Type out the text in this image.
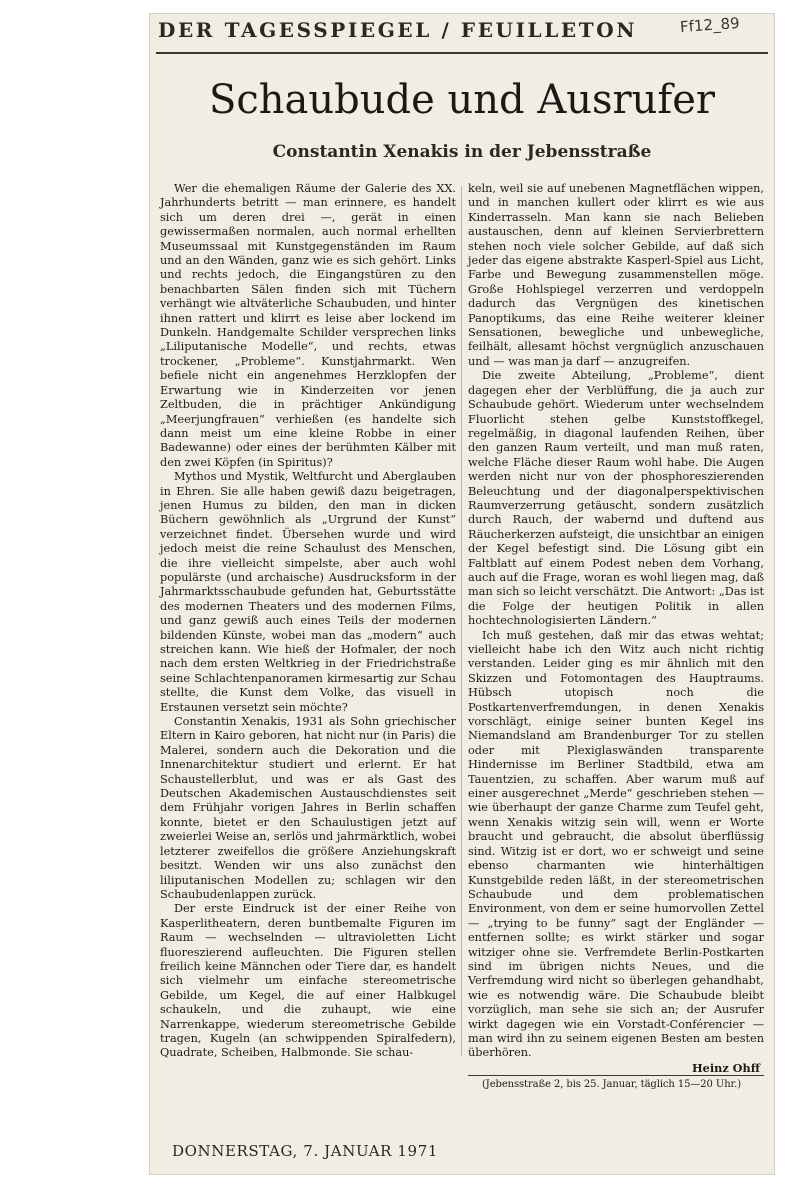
DER TAGESSPIEGEL / FEUILLETON	Ff12_89
Schaubude und Ausrufer
Constantin Xenakis in der Jebensstraße

Wer die ehemaligen Räume der Galerie des XX. Jahrhunderts betritt — man erinnere, es handelt sich um deren drei —, gerät in einen gewissermaßen normalen, auch normal erhellten Museumssaal mit Kunstgegenständen im Raum und an den Wänden, ganz wie es sich gehört. Links und rechts jedoch, die Eingangstüren zu den benachbarten Sälen finden sich mit Tüchern verhängt wie altväterliche Schaubuden, und hinter ihnen rattert und klirrt es leise aber lockend im Dunkeln. Handgemalte Schilder versprechen links „Liliputanische Modelle“, und rechts, etwas trockener, „Probleme“. Kunstjahrmarkt. Wen befiele nicht ein angenehmes Herzklopfen der Erwartung wie in Kinderzeiten vor jenen Zeltbuden, die in prächtiger Ankündigung „Meerjungfrauen“ verhießen (es handelte sich dann meist um eine kleine Robbe in einer Badewanne) oder eines der berühmten Kälber mit den zwei Köpfen (in Spiritus)?

Mythos und Mystik, Weltfurcht und Aberglauben in Ehren. Sie alle haben gewiß dazu beigetragen, jenen Humus zu bilden, den man in dicken Büchern gewöhnlich als „Urgrund der Kunst“ verzeichnet findet. Übersehen wurde und wird jedoch meist die reine Schaulust des Menschen, die ihre vielleicht simpelste, aber auch wohl populärste (und archaische) Ausdrucksform in der Jahrmarktsschaubude gefunden hat, Geburtsstätte des modernen Theaters und des modernen Films, und ganz gewiß auch eines Teils der modernen bildenden Künste, wobei man das „modern“ auch streichen kann. Wie hieß der Hofmaler, der noch nach dem ersten Weltkrieg in der Friedrichstraße seine Schlachtenpanoramen kirmesartig zur Schau stellte, die Kunst dem Volke, das visuell in Erstaunen versetzt sein möchte?

Constantin Xenakis, 1931 als Sohn griechischer Eltern in Kairo geboren, hat nicht nur (in Paris) die Malerei, sondern auch die Dekoration und die Innenarchitektur studiert und erlernt. Er hat Schaustellerblut, und was er als Gast des Deutschen Akademischen Austauschdienstes seit dem Frühjahr vorigen Jahres in Berlin schaffen konnte, bietet er den Schaulustigen jetzt auf zweierlei Weise an, serlös und jahrmärktlich, wobei letzterer zweifellos die größere Anziehungskraft besitzt. Wenden wir uns also zunächst den liliputanischen Modellen zu; schlagen wir den Schaubudenlappen zurück.

Der erste Eindruck ist der einer Reihe von Kasperlitheatern, deren buntbemalte Figuren im Raum — wechselnden — ultravioletten Licht fluoreszierend aufleuchten. Die Figuren stellen freilich keine Männchen oder Tiere dar, es handelt sich vielmehr um einfache stereometrische Gebilde, um Kegel, die auf einer Halbkugel schaukeln, und die zuhaupt, wie eine Narrenkappe, wiederum stereometrische Gebilde tragen, Kugeln (an schwippenden Spiralfedern), Quadrate, Scheiben, Halbmonde. Sie schau-

keln, weil sie auf unebenen Magnetflächen wippen, und in manchen kullert oder klirrt es wie aus Kinderrasseln. Man kann sie nach Belieben austauschen, denn auf kleinen Servierbrettern stehen noch viele solcher Gebilde, auf daß sich jeder das eigene abstrakte Kasperl-Spiel aus Licht, Farbe und Bewegung zusammenstellen möge. Große Hohlspiegel verzerren und verdoppeln dadurch das Vergnügen des kinetischen Panoptikums, das eine Reihe weiterer kleiner Sensationen, bewegliche und unbewegliche, feilhält, allesamt höchst vergnüglich anzuschauen und — was man ja darf — anzugreifen.

Die zweite Abteilung, „Probleme“, dient dagegen eher der Verblüffung, die ja auch zur Schaubude gehört. Wiederum unter wechselndem Fluorlicht stehen gelbe Kunststoffkegel, regelmäßig, in diagonal laufenden Reihen, über den ganzen Raum verteilt, und man muß raten, welche Fläche dieser Raum wohl habe. Die Augen werden nicht nur von der phosphoreszierenden Beleuchtung und der diagonalperspektivischen Raumverzerrung getäuscht, sondern zusätzlich durch Rauch, der wabernd und duftend aus Räucherkerzen aufsteigt, die unsichtbar an einigen der Kegel befestigt sind. Die Lösung gibt ein Faltblatt auf einem Podest neben dem Vorhang, auch auf die Frage, woran es wohl liegen mag, daß man sich so leicht verschätzt. Die Antwort: „Das ist die Folge der heutigen Politik in allen hochtechnologisierten Ländern.“

Ich muß gestehen, daß mir das etwas wehtat; vielleicht habe ich den Witz auch nicht richtig verstanden. Leider ging es mir ähnlich mit den Skizzen und Fotomontagen des Hauptraums. Hübsch utopisch noch die Postkartenverfremdungen, in denen Xenakis vorschlägt, einige seiner bunten Kegel ins Niemandsland am Brandenburger Tor zu stellen oder mit Plexiglaswänden transparente Hindernisse im Berliner Stadtbild, etwa am Tauentzien, zu schaffen. Aber warum muß auf einer ausgerechnet „Merde“ geschrieben stehen — wie überhaupt der ganze Charme zum Teufel geht, wenn Xenakis witzig sein will, wenn er Worte braucht und gebraucht, die absolut überflüssig sind. Witzig ist er dort, wo er schweigt und seine ebenso charmanten wie hinterhältigen Kunstgebilde reden läßt, in der stereometrischen Schaubude und dem problematischen Environment, von dem er seine humorvollen Zettel — „trying to be funny“ sagt der Engländer — entfernen sollte; es wirkt stärker und sogar witziger ohne sie. Verfremdete Berlin-Postkarten sind im übrigen nichts Neues, und die Verfremdung wird nicht so überlegen gehandhabt, wie es notwendig wäre. Die Schaubude bleibt vorzüglich, man sehe sie sich an; der Ausrufer wirkt dagegen wie ein Vorstadt-Conférencier — man wird ihn zu seinem eigenen Besten am besten überhören.

Heinz Ohff

(Jebensstraße 2, bis 25. Januar, täglich 15—20 Uhr.)

DONNERSTAG, 7. JANUAR 1971
